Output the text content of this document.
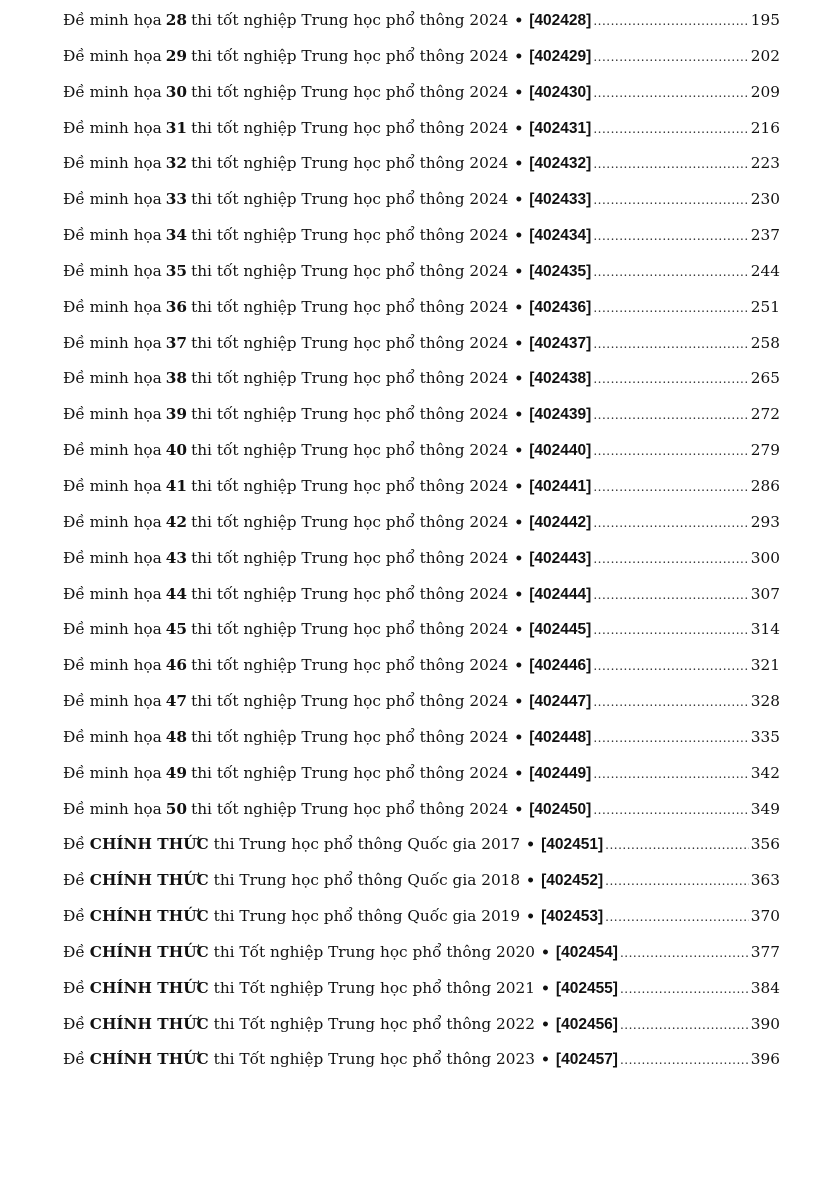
Đề minh họa 28 thi tốt nghiệp Trung học phổ thông 2024 • [402428] .....	195
Đề minh họa 29 thi tốt nghiệp Trung học phổ thông 2024 • [402429] .....	202
Đề minh họa 30 thi tốt nghiệp Trung học phổ thông 2024 • [402430] .....	209
Đề minh họa 31 thi tốt nghiệp Trung học phổ thông 2024 • [402431] .....	216
Đề minh họa 32 thi tốt nghiệp Trung học phổ thông 2024 • [402432] .....	223
Đề minh họa 33 thi tốt nghiệp Trung học phổ thông 2024 • [402433] .....	230
Đề minh họa 34 thi tốt nghiệp Trung học phổ thông 2024 • [402434] .....	237
Đề minh họa 35 thi tốt nghiệp Trung học phổ thông 2024 • [402435] .....	244
Đề minh họa 36 thi tốt nghiệp Trung học phổ thông 2024 • [402436] .....	251
Đề minh họa 37 thi tốt nghiệp Trung học phổ thông 2024 • [402437] .....	258
Đề minh họa 38 thi tốt nghiệp Trung học phổ thông 2024 • [402438] .....	265
Đề minh họa 39 thi tốt nghiệp Trung học phổ thông 2024 • [402439] .....	272
Đề minh họa 40 thi tốt nghiệp Trung học phổ thông 2024 • [402440] .....	279
Đề minh họa 41 thi tốt nghiệp Trung học phổ thông 2024 • [402441] .....	286
Đề minh họa 42 thi tốt nghiệp Trung học phổ thông 2024 • [402442] .....	293
Đề minh họa 43 thi tốt nghiệp Trung học phổ thông 2024 • [402443] .....	300
Đề minh họa 44 thi tốt nghiệp Trung học phổ thông 2024 • [402444] .....	307
Đề minh họa 45 thi tốt nghiệp Trung học phổ thông 2024 • [402445] .....	314
Đề minh họa 46 thi tốt nghiệp Trung học phổ thông 2024 • [402446] .....	321
Đề minh họa 47 thi tốt nghiệp Trung học phổ thông 2024 • [402447] .....	328
Đề minh họa 48 thi tốt nghiệp Trung học phổ thông 2024 • [402448] .....	335
Đề minh họa 49 thi tốt nghiệp Trung học phổ thông 2024 • [402449] .....	342
Đề minh họa 50 thi tốt nghiệp Trung học phổ thông 2024 • [402450] .....	349
Đề CHÍNH THỨC thi Trung học phổ thông Quốc gia 2017 • [402451] .....	356
Đề CHÍNH THỨC thi Trung học phổ thông Quốc gia 2018 • [402452] .....	363
Đề CHÍNH THỨC thi Trung học phổ thông Quốc gia 2019 • [402453] .....	370
Đề CHÍNH THỨC thi Tốt nghiệp Trung học phổ thông 2020 • [402454] .....	377
Đề CHÍNH THỨC thi Tốt nghiệp Trung học phổ thông 2021 • [402455] .....	384
Đề CHÍNH THỨC thi Tốt nghiệp Trung học phổ thông 2022 • [402456] .....	390
Đề CHÍNH THỨC thi Tốt nghiệp Trung học phổ thông 2023 • [402457] .....	396
